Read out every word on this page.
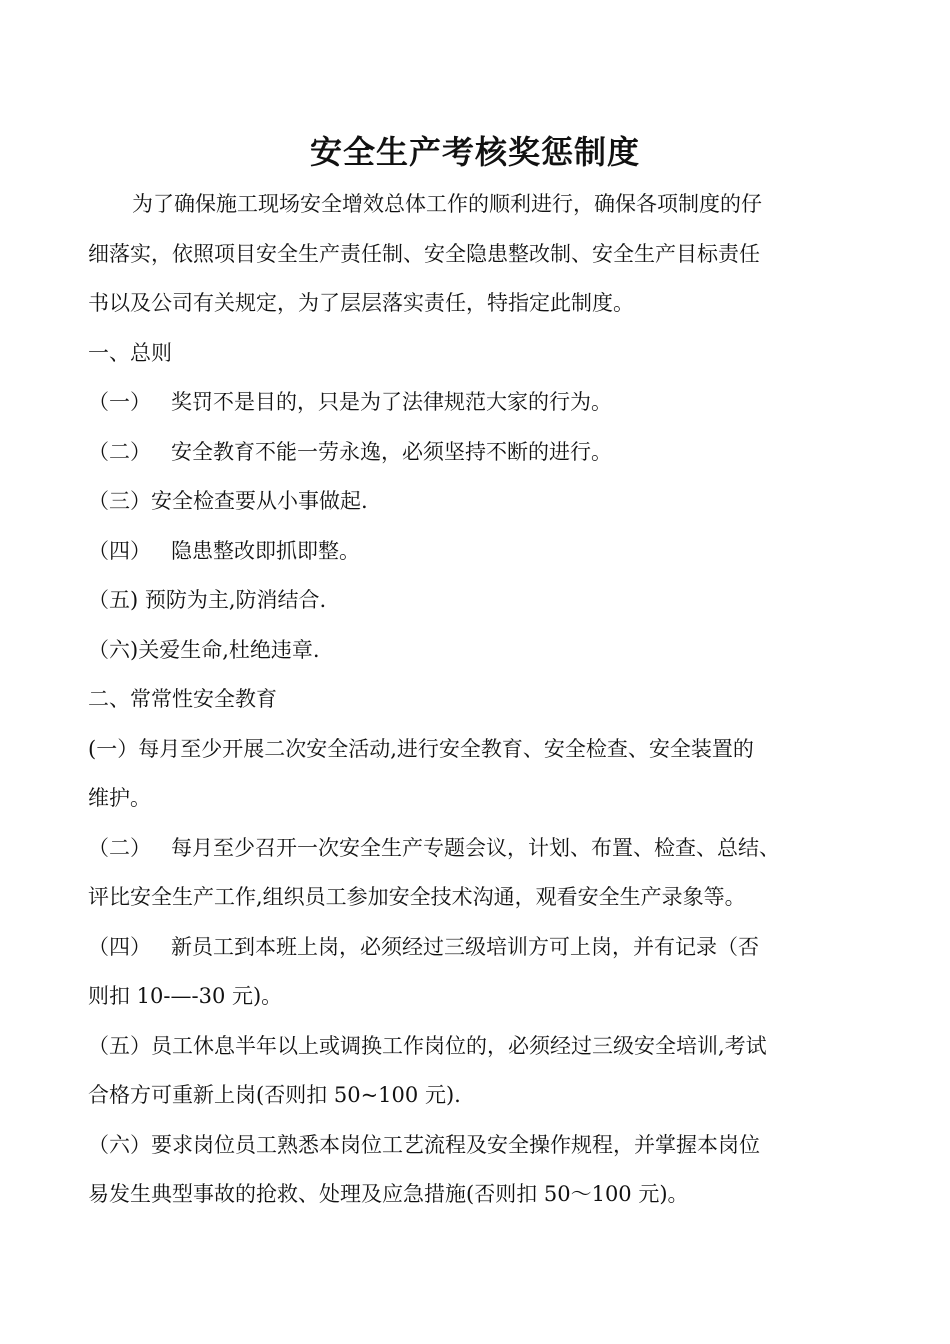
安全生产考核奖惩制度

为了确保施工现场安全增效总体工作的顺利进行，确保各项制度的仔

细落实，依照项目安全生产责任制、安全隐患整改制、安全生产目标责任

书以及公司有关规定，为了层层落实责任，特指定此制度。

一、总则

（一） 奖罚不是目的，只是为了法律规范大家的行为。

（二） 安全教育不能一劳永逸，必须坚持不断的进行。

（三）安全检查要从小事做起.

（四） 隐患整改即抓即整。

（五) 预防为主,防消结合.

（六)关爱生命,杜绝违章.

二、常常性安全教育

(一）每月至少开展二次安全活动,进行安全教育、安全检查、安全装置的

维护。

（二） 每月至少召开一次安全生产专题会议，计划、布置、检查、总结、

评比安全生产工作,组织员工参加安全技术沟通，观看安全生产录象等。

（四） 新员工到本班上岗，必须经过三级培训方可上岗，并有记录（否

则扣 10-—-30 元)。

（五）员工休息半年以上或调换工作岗位的，必须经过三级安全培训,考试

合格方可重新上岗(否则扣 50~100 元).

（六）要求岗位员工熟悉本岗位工艺流程及安全操作规程，并掌握本岗位

易发生典型事故的抢救、处理及应急措施(否则扣 50～100 元)。
